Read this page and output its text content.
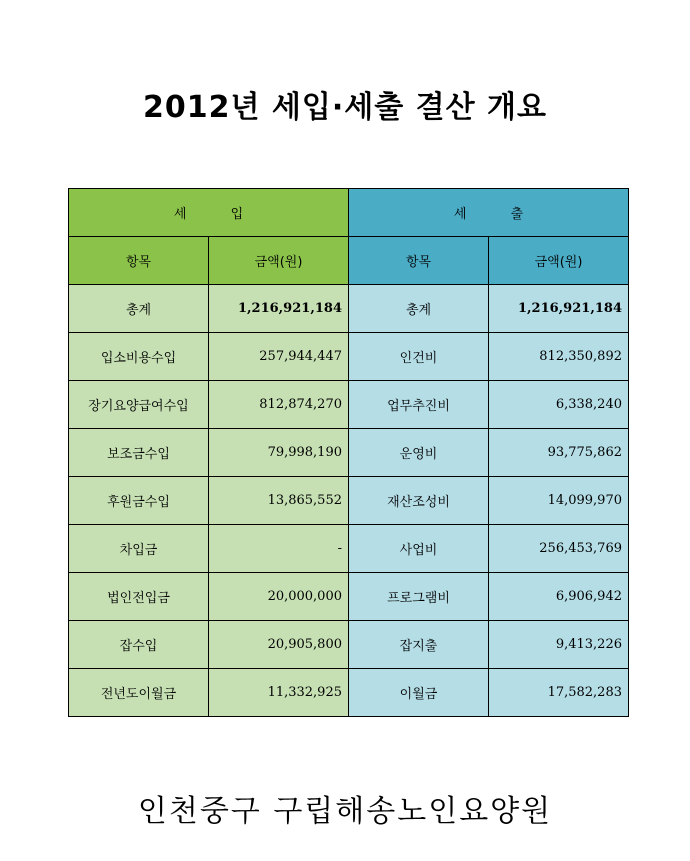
2012년 세입·세출 결산 개요
세 입		세 출	
항목	금액(원)	항목	금액(원)
총계	1,216,921,184	총계	1,216,921,184
입소비용수입	257,944,447	인건비	812,350,892
장기요양급여수입	812,874,270	업무추진비	6,338,240
보조금수입	79,998,190	운영비	93,775,862
후원금수입	13,865,552	재산조성비	14,099,970
차입금	-	사업비	256,453,769
법인전입금	20,000,000	프로그램비	6,906,942
잡수입	20,905,800	잡지출	9,413,226
전년도이월금	11,332,925	이월금	17,582,283
인천중구 구립해송노인요양원
